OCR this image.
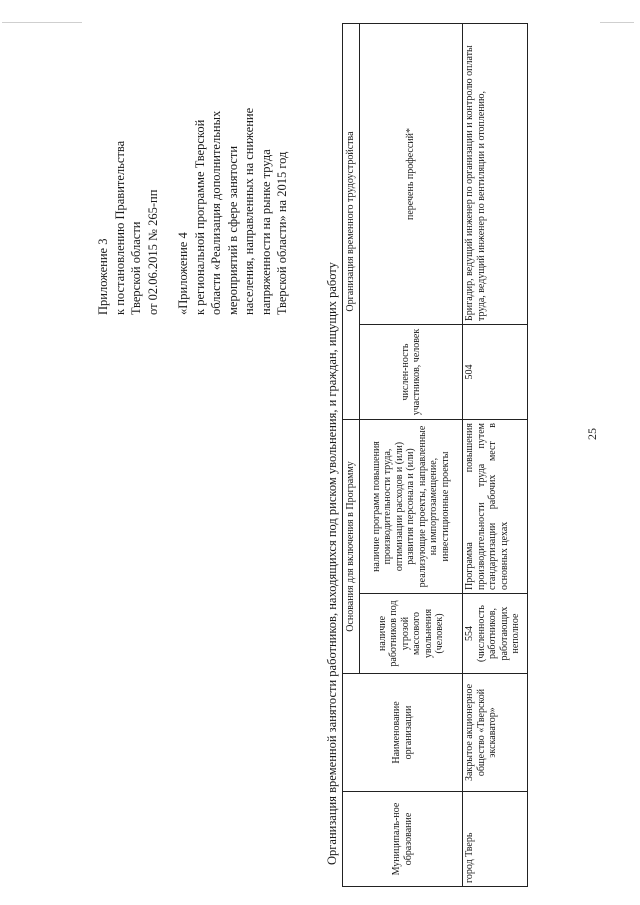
25
Приложение 3 к постановлению Правительства Тверской области от 02.06.2015 № 265-пп «Приложение 4 к региональной программе Тверской области «Реализация дополнительных мероприятий в сфере занятости населения, направленных на снижение напряженности на рынке труда Тверской области» на 2015 год
Организация временной занятости работников, находящихся под риском увольнения, и граждан, ищущих работу	Муниципаль-ное образование	Наименование организации	Основания для включения в Программу		Организация временного трудоустройства	
		наличие работников под угрозой массового увольнения (человек)	наличие программ повышения производительности труда, оптимизации расходов и (или) развития персонала и (или) реализующие проекты, направленные на импортозамещение, инвестиционные проекты	числен-ность участников, человек	перечень профессий*
город Тверь	Закрытое акционерное общество «Тверской экскаватор»	554 (численность работников, работающих неполное	Программа повышения производительности труда путем стандартизации рабочих мест в основных цехах	504	Бригадир, ведущий инженер по организации и контролю оплаты труда, ведущий инженер по вентиляции и отоплению,
